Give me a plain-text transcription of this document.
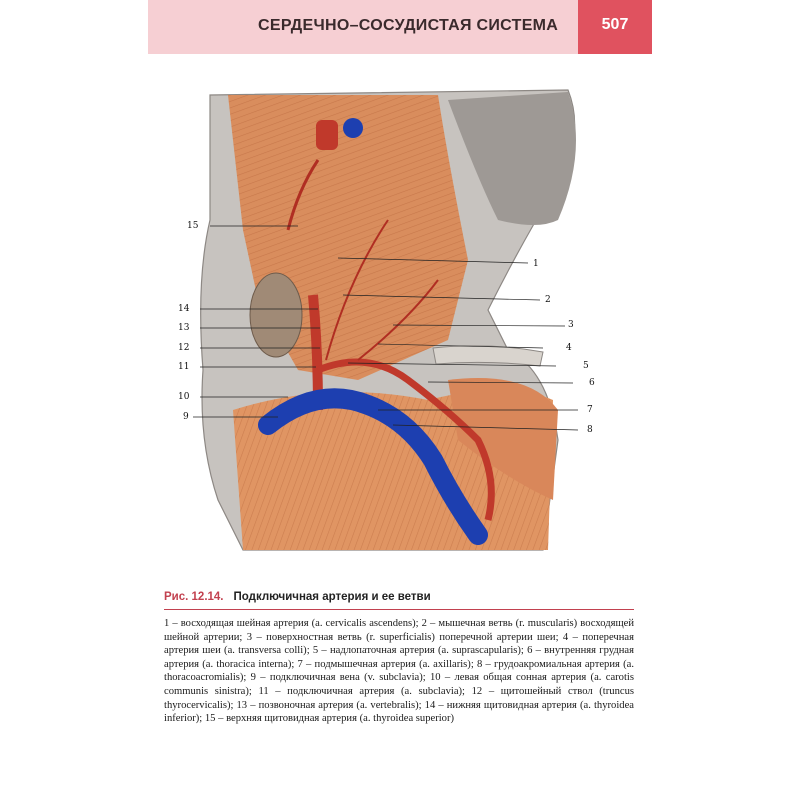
СЕРДЕЧНО–СОСУДИСТАЯ СИСТЕМА	507
15
1
2
14
3
13
4
12
5
11
6
10
7
9
8
Рис. 12.14. Подключичная артерия и ее ветви
1 – восходящая шейная артерия (a. cervicalis ascendens); 2 – мышечная ветвь (r. muscularis) восходящей шейной артерии; 3 – поверхностная ветвь (r. superficialis) поперечной артерии шеи; 4 – поперечная артерия шеи (a. transversa colli); 5 – надлопаточная артерия (a. suprascapularis); 6 – внутренняя грудная артерия (a. thoracica interna); 7 – подмышечная артерия (a. axillaris); 8 – грудоакромиальная артерия (a. thoracoacromialis); 9 – подключичная вена (v. subclavia); 10 – левая общая сонная артерия (a. carotis communis sinistra); 11 – подключичная артерия (a. subclavia); 12 – щитошейный ствол (truncus thyrocervicalis); 13 – позвоночная артерия (a. vertebralis); 14 – нижняя щитовидная артерия (a. thyroidea inferior); 15 – верхняя щитовидная артерия (a. thyroidea superior)
